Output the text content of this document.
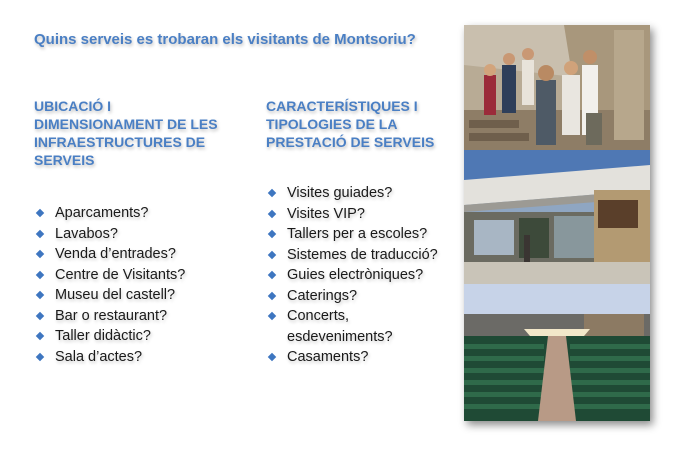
Quins serveis es trobaran els visitants de Montsoriu?
UBICACIÓ I
DIMENSIONAMENT DE LES
INFRAESTRUCTURES DE
SERVEIS
Aparcaments?
Lavabos?
Venda d’entrades?
Centre de Visitants?
Museu del castell?
Bar o restaurant?
Taller didàctic?
Sala d’actes?
CARACTERÍSTIQUES I
TIPOLOGIES DE LA
PRESTACIÓ DE SERVEIS
Visites guiades?
Visites VIP?
Tallers per a escoles?
Sistemes de traducció?
Guies electròniques?
Caterings?
Concerts,
esdeveniments?
Casaments?
